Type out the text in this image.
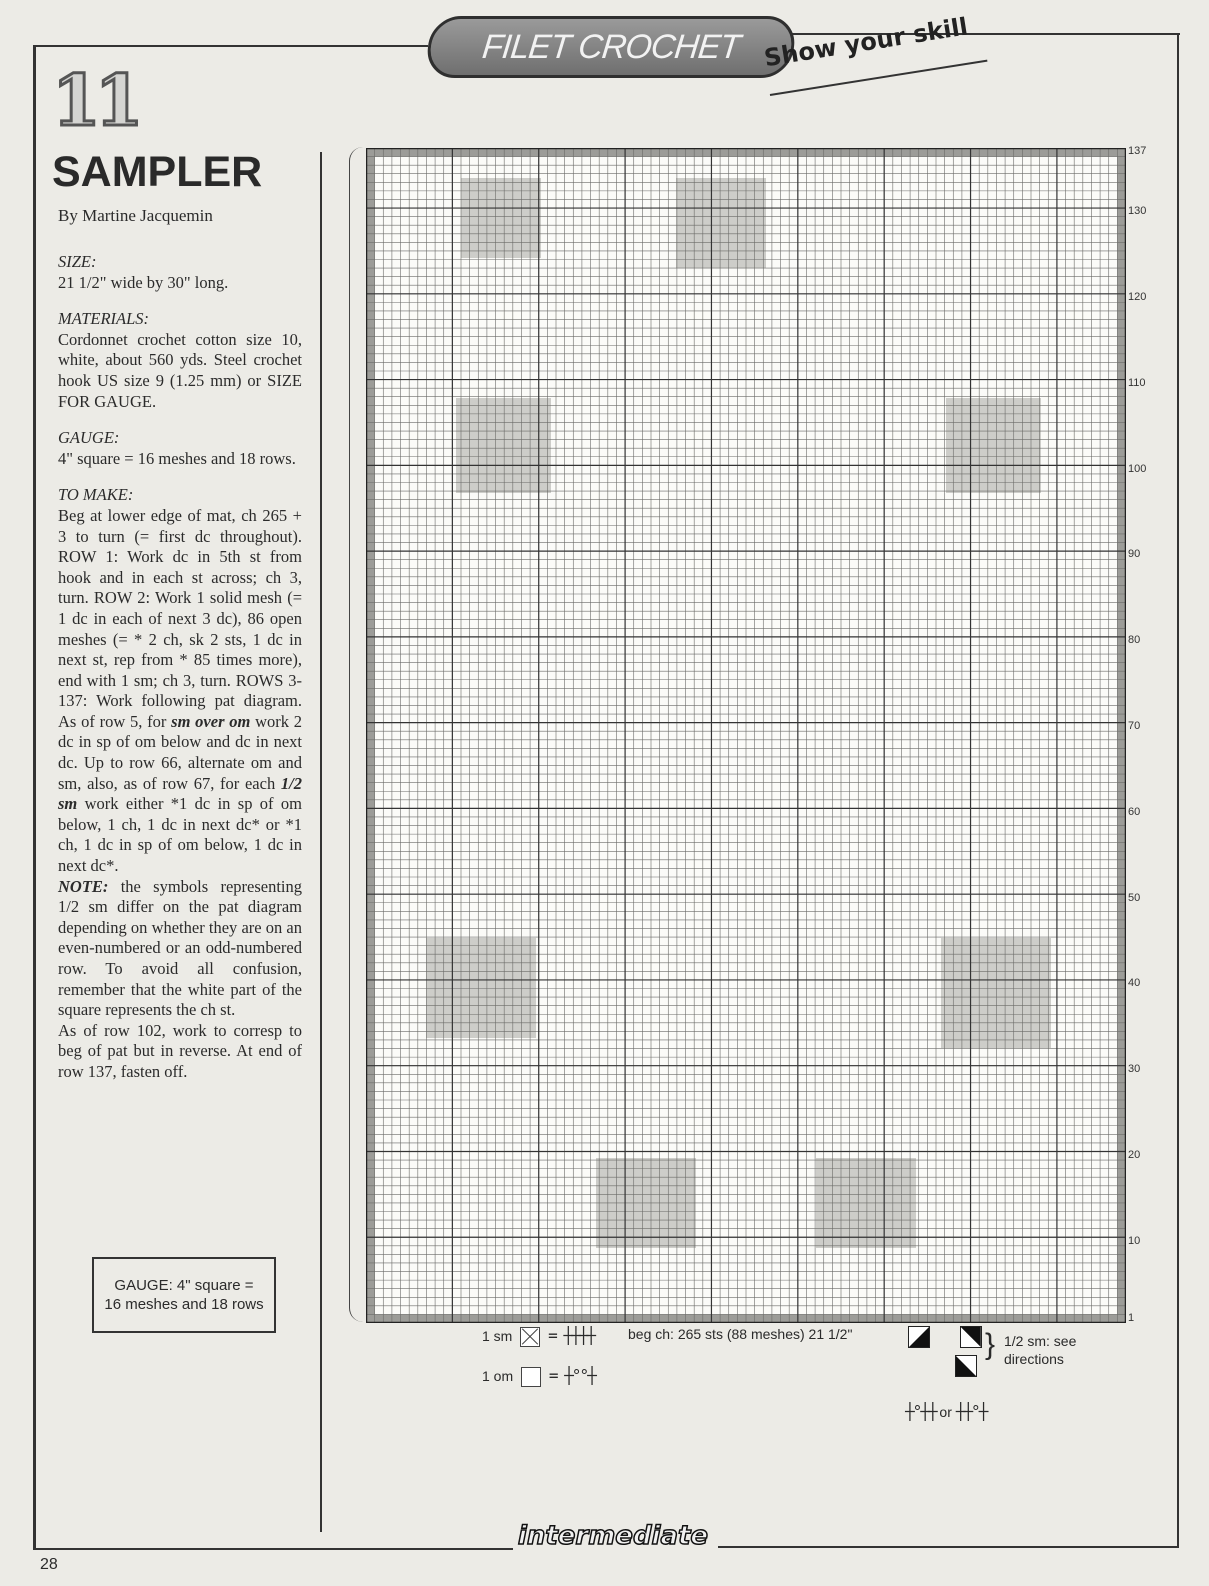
FILET CROCHET Show your skill
11
SAMPLER
By Martine Jacquemin
SIZE:

21 1/2" wide by 30" long.

MATERIALS:

Cordonnet crochet cotton size 10, white, about 560 yds. Steel crochet hook US size 9 (1.25 mm) or SIZE FOR GAUGE.

GAUGE:

4" square = 16 meshes and 18 rows.

TO MAKE:

Beg at lower edge of mat, ch 265 + 3 to turn (= first dc throughout). ROW 1: Work dc in 5th st from hook and in each st across; ch 3, turn. ROW 2: Work 1 solid mesh (= 1 dc in each of next 3 dc), 86 open meshes (= * 2 ch, sk 2 sts, 1 dc in next st, rep from * 85 times more), end with 1 sm; ch 3, turn. ROWS 3-137: Work following pat diagram. As of row 5, for sm over om work 2 dc in sp of om below and dc in next dc. Up to row 66, alternate om and sm, also, as of row 67, for each 1/2 sm work either *1 dc in sp of om below, 1 ch, 1 dc in next dc* or *1 ch, 1 dc in sp of om below, 1 dc in next dc*.

NOTE: the symbols representing 1/2 sm differ on the pat diagram depending on whether they are on an even-numbered or an odd-numbered row. To avoid all confusion, remember that the white part of the square represents the ch st.

As of row 102, work to corresp to beg of pat but in reverse. At end of row 137, fasten off.

GAUGE: 4" square =
16 meshes and 18 rows
137
130
120
110
100
90
80
70
60
50
40
30
20
10
1
1 sm = ┼┼┼┼
1 om = ┼°°┼
beg ch: 265 sts (88 meshes) 21 1/2"
	} 1/2 sm: see directions
┼°┼┼ or ┼┼°┼
intermediate
28
